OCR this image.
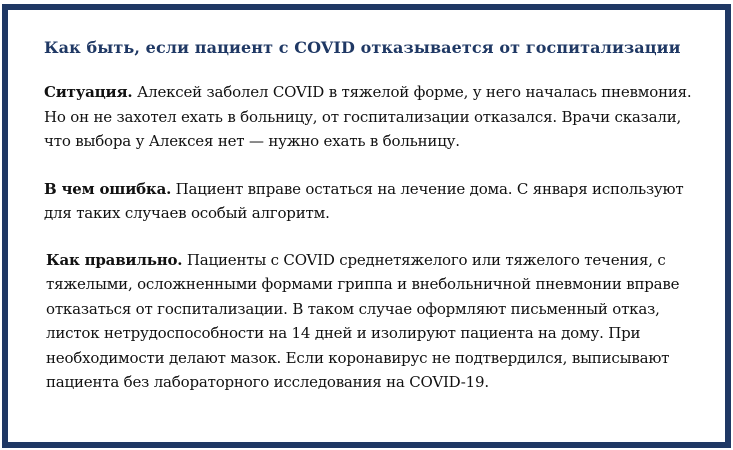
Как быть, если пациент с COVID отказывается от госпитализации

Ситуация. Алексей заболел COVID в тяжелой форме, у него началась пневмония. Но он не захотел ехать в больницу, от госпитализации отказался. Врачи сказали, что выбора у Алексея нет — нужно ехать в больницу.

В чем ошибка. Пациент вправе остаться на лечение дома. С января используют для таких случаев особый алгоритм.

Как правильно. Пациенты с COVID среднетяжелого или тяжелого течения, с тяжелыми, осложненными формами гриппа и внебольничной пневмонии вправе отказаться от госпитализации. В таком случае оформляют письменный отказ, листок нетрудоспособности на 14 дней и изолируют пациента на дому. При необходимости делают мазок. Если коронавирус не подтвердился, выписывают пациента без лабораторного исследования на COVID-19.
